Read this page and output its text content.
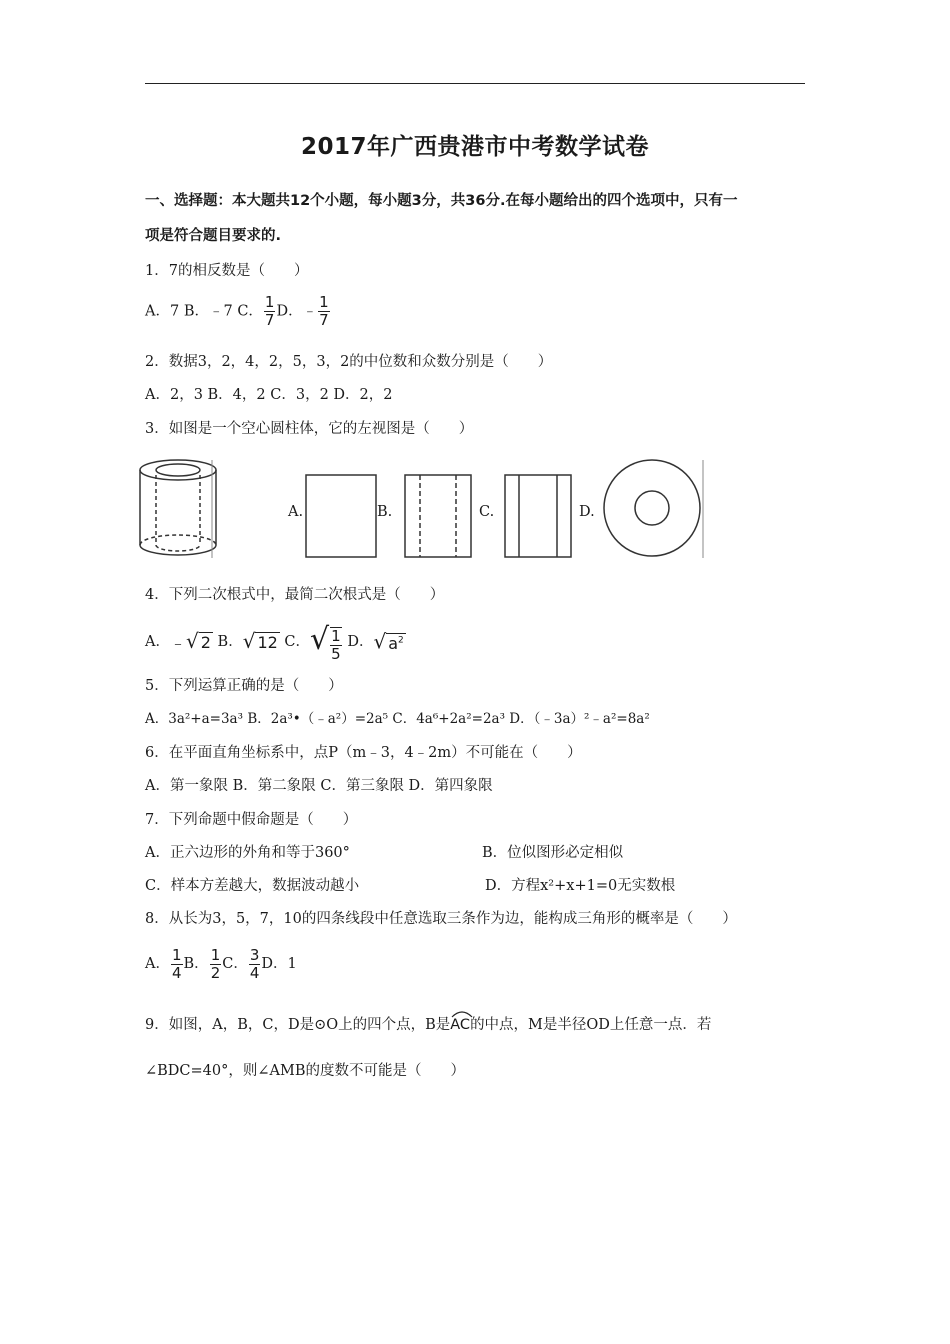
2017年广西贵港市中考数学试卷
一、选择题：本大题共12个小题，每小题3分，共36分.在每小题给出的四个选项中，只有一
项是符合题目要求的.
1．7的相反数是（　　）
A．7 B．﹣7 C． $\frac{1}{7}$ D．﹣ $\frac{1}{7}$
2．数据3，2，4，2，5，3，2的中位数和众数分别是（　　）
A．2，3 B．4，2 C．3，2 D．2，2
3．如图是一个空心圆柱体，它的左视图是（　　）
A.	B.	C.	D.
4．下列二次根式中，最简二次根式是（　　）
A．﹣√ 2 B．√ 12 C．√ $\frac{1}{5}$ D．√ $a^2$
5．下列运算正确的是（　　）
A．3a²+a=3a³ B．2a³•（﹣a²）=2a⁵ C．4a⁶+2a²=2a³ D．（﹣3a）²﹣a²=8a²
6．在平面直角坐标系中，点P（m﹣3，4﹣2m）不可能在（　　）
A．第一象限 B．第二象限 C．第三象限 D．第四象限
7．下列命题中假命题是（　　）
A．正六边形的外角和等于360°	B．位似图形必定相似
C．样本方差越大，数据波动越小	D．方程x²+x+1=0无实数根
8．从长为3，5，7，10的四条线段中任意选取三条作为边，能构成三角形的概率是（　　）
A． $\frac{1}{4}$ B． $\frac{1}{2}$ C． $\frac{3}{4}$ D．1
9．如图，A，B，C，D是⊙O上的四个点，B是
AC的中点，M是半径OD上任意一点．若
∠BDC=40°，则∠AMB的度数不可能是（　　）
